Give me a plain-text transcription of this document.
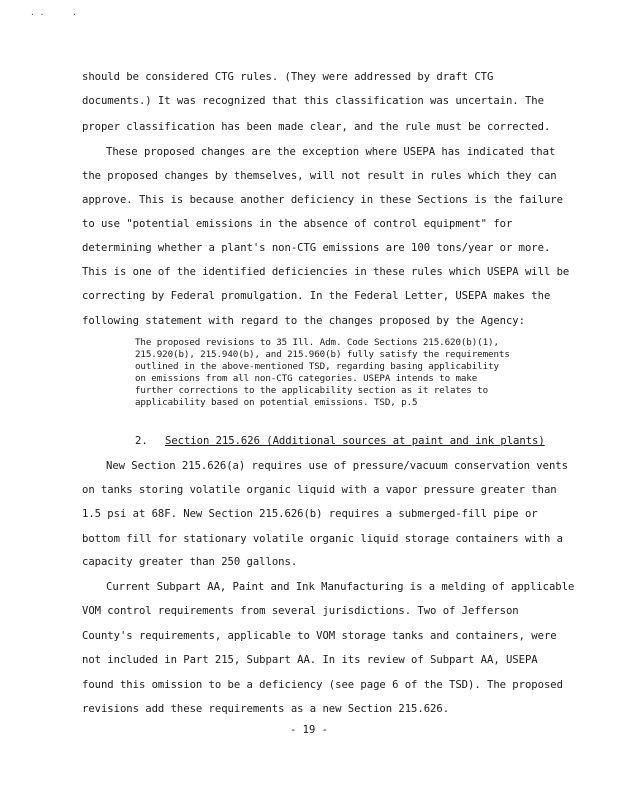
· ·	·
should be considered CTG rules. (They were addressed by draft CTG
documents.) It was recognized that this classification was uncertain. The
proper classification has been made clear, and the rule must be corrected.
These proposed changes are the exception where USEPA has indicated that
the proposed changes by themselves, will not result in rules which they can
approve. This is because another deficiency in these Sections is the failure
to use "potential emissions in the absence of control equipment" for
determining whether a plant's non-CTG emissions are 100 tons/year or more.
This is one of the identified deficiencies in these rules which USEPA will be
correcting by Federal promulgation. In the Federal Letter, USEPA makes the
following statement with regard to the changes proposed by the Agency:
The proposed revisions to 35 Ill. Adm. Code Sections 215.620(b)(1),
215.920(b), 215.940(b), and 215.960(b) fully satisfy the requirements
outlined in the above-mentioned TSD, regarding basing applicability
on emissions from all non-CTG categories. USEPA intends to make
further corrections to the applicability section as it relates to
applicability based on potential emissions. TSD, p.5
2. Section 215.626 (Additional sources at paint and ink plants)
New Section 215.626(a) requires use of pressure/vacuum conservation vents
on tanks storing volatile organic liquid with a vapor pressure greater than
1.5 psi at 68F. New Section 215.626(b) requires a submerged-fill pipe or
bottom fill for stationary volatile organic liquid storage containers with a
capacity greater than 250 gallons.
Current Subpart AA, Paint and Ink Manufacturing is a melding of applicable
VOM control requirements from several jurisdictions. Two of Jefferson
County's requirements, applicable to VOM storage tanks and containers, were
not included in Part 215, Subpart AA. In its review of Subpart AA, USEPA
found this omission to be a deficiency (see page 6 of the TSD). The proposed
revisions add these requirements as a new Section 215.626.
- 19 -
